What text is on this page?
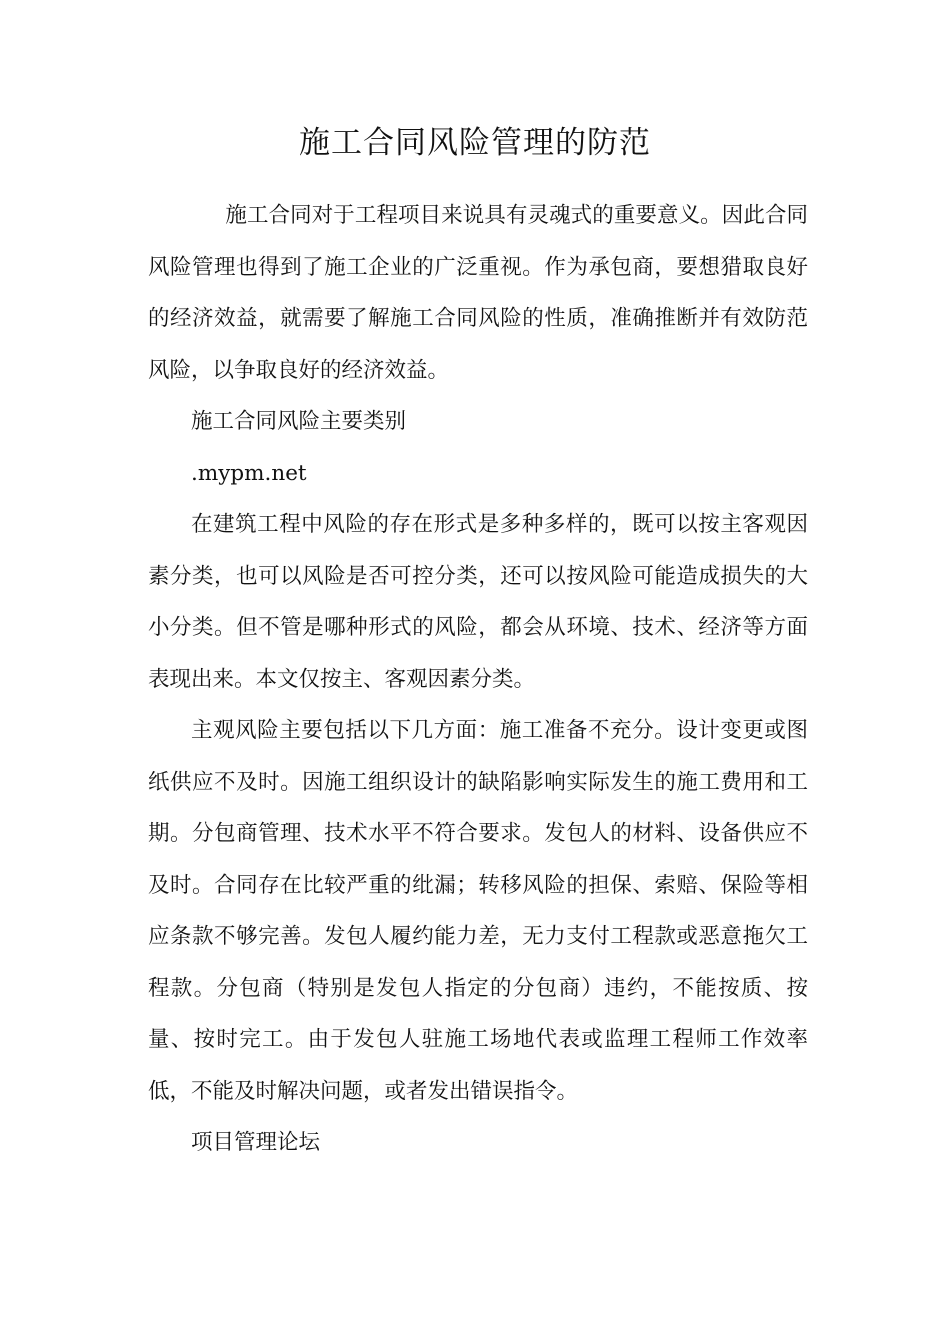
施工合同风险管理的防范

施工合同对于工程项目来说具有灵魂式的重要意义。因此合同风险管理也得到了施工企业的广泛重视。作为承包商，要想猎取良好的经济效益，就需要了解施工合同风险的性质，准确推断并有效防范风险，以争取良好的经济效益。

施工合同风险主要类别

.mypm.net

在建筑工程中风险的存在形式是多种多样的，既可以按主客观因素分类，也可以风险是否可控分类，还可以按风险可能造成损失的大小分类。但不管是哪种形式的风险，都会从环境、技术、经济等方面表现出来。本文仅按主、客观因素分类。

主观风险主要包括以下几方面：施工准备不充分。设计变更或图纸供应不及时。因施工组织设计的缺陷影响实际发生的施工费用和工期。分包商管理、技术水平不符合要求。发包人的材料、设备供应不及时。合同存在比较严重的纰漏；转移风险的担保、索赔、保险等相应条款不够完善。发包人履约能力差，无力支付工程款或恶意拖欠工程款。分包商（特别是发包人指定的分包商）违约，不能按质、按量、按时完工。由于发包人驻施工场地代表或监理工程师工作效率低，不能及时解决问题，或者发出错误指令。

项目管理论坛
